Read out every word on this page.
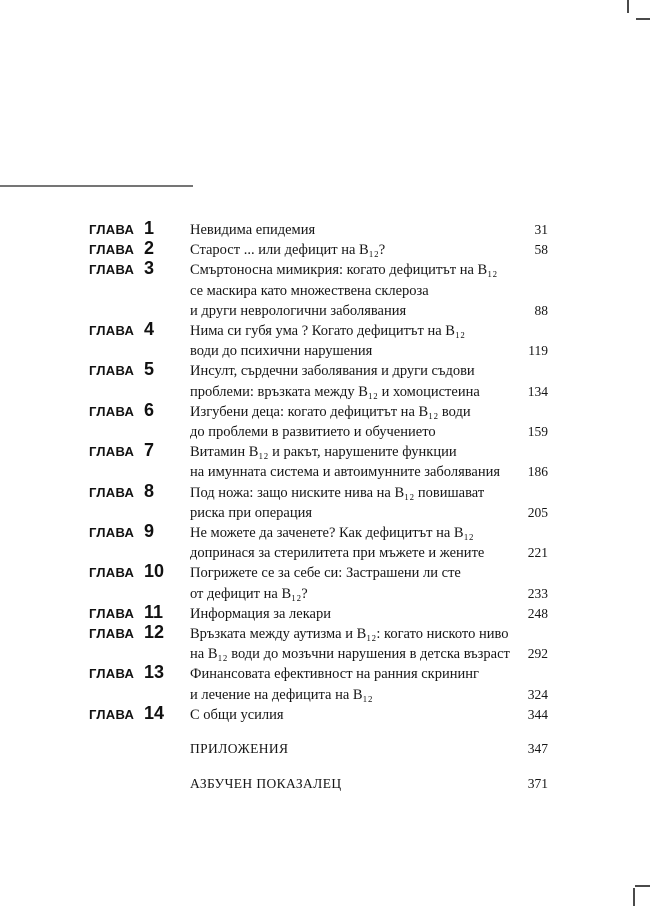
ГЛАВА 1	Невидима епидемия	31
ГЛАВА 2	Старост ... или дефицит на B₁₂?	58
ГЛАВА 3	Смъртоносна мимикрия: когато дефицитът на B₁₂
се маскира като множествена склероза
и други неврологични заболявания	88
ГЛАВА 4	Нима си губя ума ? Когато дефицитът на B₁₂
води до психични нарушения	119
ГЛАВА 5	Инсулт, сърдечни заболявания и други съдови
проблеми: връзката между B₁₂ и хомоцистеина	134
ГЛАВА 6	Изгубени деца: когато дефицитът на B₁₂ води
до проблеми в развитието и обучението	159
ГЛАВА 7	Витамин B₁₂ и ракът, нарушените функции
на имунната система и автоимунните заболявания	186
ГЛАВА 8	Под ножа: защо ниските нива на B₁₂ повишават
риска при операция	205
ГЛАВА 9	Не можете да заченете? Как дефицитът на B₁₂
допринася за стерилитета при мъжете и жените	221
ГЛАВА 10	Погрижете се за себе си: Застрашени ли сте
от дефицит на B₁₂?	233
ГЛАВА 11	Информация за лекари	248
ГЛАВА 12	Връзката между аутизма и B₁₂: когато ниското ниво
на B₁₂ води до мозъчни нарушения в детска възраст	292
ГЛАВА 13	Финансовата ефективност на ранния скрининг
и лечение на дефицита на B₁₂	324
ГЛАВА 14	С общи усилия	344
ПРИЛОЖЕНИЯ	347
АЗБУЧЕН ПОКАЗАЛЕЦ	371
